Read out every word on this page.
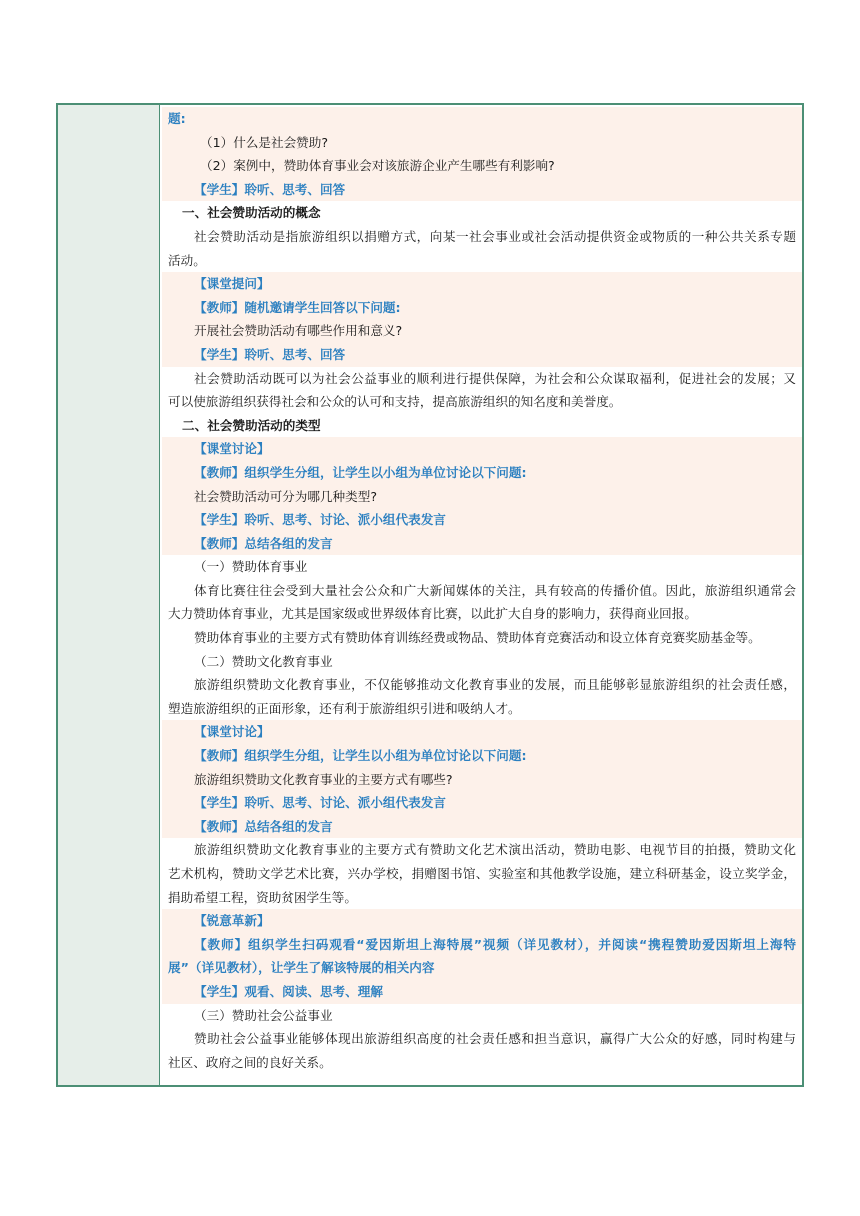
题:
（1）什么是社会赞助?
（2）案例中，赞助体育事业会对该旅游企业产生哪些有利影响?
【学生】聆听、思考、回答
一、社会赞助活动的概念
社会赞助活动是指旅游组织以捐赠方式，向某一社会事业或社会活动提供资金或物质的一种公共关系专题
活动。
【课堂提问】
【教师】随机邀请学生回答以下问题:
开展社会赞助活动有哪些作用和意义?
【学生】聆听、思考、回答
社会赞助活动既可以为社会公益事业的顺利进行提供保障，为社会和公众谋取福利，促进社会的发展；又
可以使旅游组织获得社会和公众的认可和支持，提高旅游组织的知名度和美誉度。
二、社会赞助活动的类型
【课堂讨论】
【教师】组织学生分组，让学生以小组为单位讨论以下问题:
社会赞助活动可分为哪几种类型?
【学生】聆听、思考、讨论、派小组代表发言
【教师】总结各组的发言
（一）赞助体育事业
体育比赛往往会受到大量社会公众和广大新闻媒体的关注，具有较高的传播价值。因此，旅游组织通常会
大力赞助体育事业，尤其是国家级或世界级体育比赛，以此扩大自身的影响力，获得商业回报。
赞助体育事业的主要方式有赞助体育训练经费或物品、赞助体育竞赛活动和设立体育竞赛奖励基金等。
（二）赞助文化教育事业
旅游组织赞助文化教育事业，不仅能够推动文化教育事业的发展，而且能够彰显旅游组织的社会责任感，
塑造旅游组织的正面形象，还有利于旅游组织引进和吸纳人才。
【课堂讨论】
【教师】组织学生分组，让学生以小组为单位讨论以下问题:
旅游组织赞助文化教育事业的主要方式有哪些?
【学生】聆听、思考、讨论、派小组代表发言
【教师】总结各组的发言
旅游组织赞助文化教育事业的主要方式有赞助文化艺术演出活动，赞助电影、电视节目的拍摄，赞助文化
艺术机构，赞助文学艺术比赛，兴办学校，捐赠图书馆、实验室和其他教学设施，建立科研基金，设立奖学金，
捐助希望工程，资助贫困学生等。
【锐意革新】
【教师】组织学生扫码观看“爱因斯坦上海特展”视频（详见教材），并阅读“携程赞助爱因斯坦上海特
展”（详见教材），让学生了解该特展的相关内容
【学生】观看、阅读、思考、理解
（三）赞助社会公益事业
赞助社会公益事业能够体现出旅游组织高度的社会责任感和担当意识，赢得广大公众的好感，同时构建与
社区、政府之间的良好关系。
